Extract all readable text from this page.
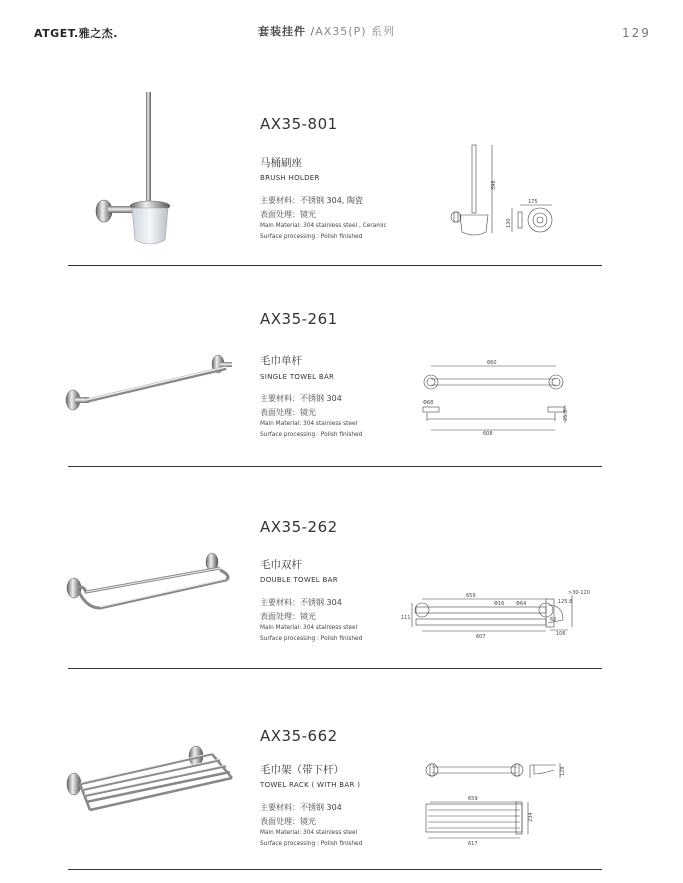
ATGET.雅之杰.	套装挂件 /AX35(P) 系列	129
AX35-801
马桶刷座
BRUSH HOLDER
主要材料：不锈钢 304, 陶瓷
表面处理：镜光
Main Material: 304 stainless steel , Ceramic
Surface processing : Polish finished
396
175
130
AX35-261
毛巾单杆
SINGLE TOWEL BAR
主要材料：不锈钢 304
表面处理：镜光
Main Material: 304 stainless steel
Surface processing : Polish finished
660
Φ68
25.5
608
AX35-262
毛巾双杆
DOUBLE TOWEL BAR
主要材料：不锈钢 304
表面处理：镜光
Main Material: 304 stainless steel
Surface processing : Polish finished
659
Φ16 Φ64
111
607
>30-120
125.8
106
62
AX35-662
毛巾架（带下杆）
TOWEL RACK ( WITH BAR )
主要材料：不锈钢 304
表面处理：镜光
Main Material: 304 stainless steel
Surface processing : Polish finished
659
617
234
128
